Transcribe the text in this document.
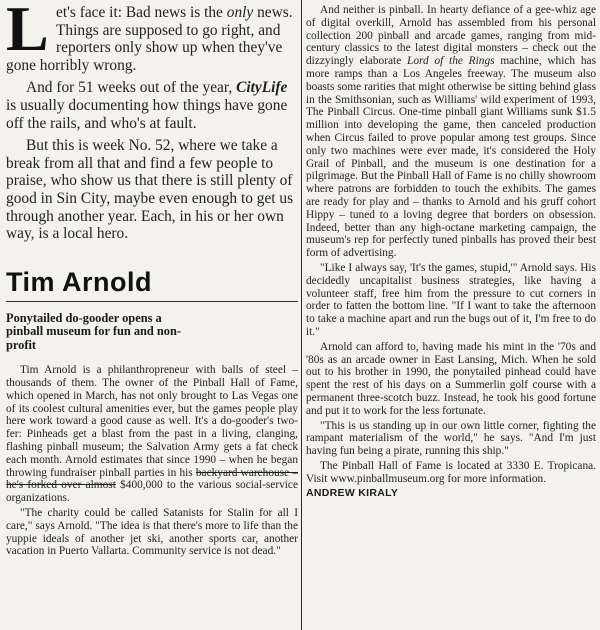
Let's face it: Bad news is the only news. Things are supposed to go right, and reporters only show up when they've gone horribly wrong.

And for 51 weeks out of the year, CityLife is usually documenting how things have gone off the rails, and who's at fault.

But this is week No. 52, where we take a break from all that and find a few people to praise, who show us that there is still plenty of good in Sin City, maybe even enough to get us through another year. Each, in his or her own way, is a local hero.

Tim Arnold
Ponytailed do-gooder opens a pinball museum for fun and non-profit

Tim Arnold is a philanthropreneur with balls of steel – thousands of them. The owner of the Pinball Hall of Fame, which opened in March, has not only brought to Las Vegas one of its coolest cultural amenities ever, but the games people play here work toward a good cause as well. It's a do-gooder's two-fer: Pinheads get a blast from the past in a living, clanging, flashing pinball museum; the Salvation Army gets a fat check each month. Arnold estimates that since 1990 – when he began throwing fundraiser pinball parties in his backyard warehouse – he's forked over almost $400,000 to the various social-service organizations.

"The charity could be called Satanists for Stalin for all I care," says Arnold. "The idea is that there's more to life than the yuppie ideals of another jet ski, another sports car, another vacation in Puerto Vallarta. Community service is not dead."

And neither is pinball. In hearty defiance of a gee-whiz age of digital overkill, Arnold has assembled from his personal collection 200 pinball and arcade games, ranging from mid-century classics to the latest digital monsters – check out the dizzyingly elaborate Lord of the Rings machine, which has more ramps than a Los Angeles freeway. The museum also boasts some rarities that might otherwise be sitting behind glass in the Smithsonian, such as Williams' wild experiment of 1993, The Pinball Circus. One-time pinball giant Williams sunk $1.5 million into developing the game, then canceled production when Circus failed to prove popular among test groups. Since only two machines were ever made, it's considered the Holy Grail of Pinball, and the museum is one destination for a pilgrimage. But the Pinball Hall of Fame is no chilly showroom where patrons are forbidden to touch the exhibits. The games are ready for play and – thanks to Arnold and his gruff cohort Hippy – tuned to a loving degree that borders on obsession. Indeed, better than any high-octane marketing campaign, the museum's rep for perfectly tuned pinballs has proved their best form of advertising.

"Like I always say, 'It's the games, stupid,'" Arnold says. His decidedly uncapitalist business strategies, like having a volunteer staff, free him from the pressure to cut corners in order to fatten the bottom line. "If I want to take the afternoon to take a machine apart and run the bugs out of it, I'm free to do it."

Arnold can afford to, having made his mint in the '70s and '80s as an arcade owner in East Lansing, Mich. When he sold out to his brother in 1990, the ponytailed pinhead could have spent the rest of his days on a Summerlin golf course with a permanent three-scotch buzz. Instead, he took his good fortune and put it to work for the less fortunate.

"This is us standing up in our own little corner, fighting the rampant materialism of the world," he says. "And I'm just having fun being a pirate, running this ship."

The Pinball Hall of Fame is located at 3330 E. Tropicana. Visit www.pinballmuseum.org for more information.

ANDREW KIRALY
